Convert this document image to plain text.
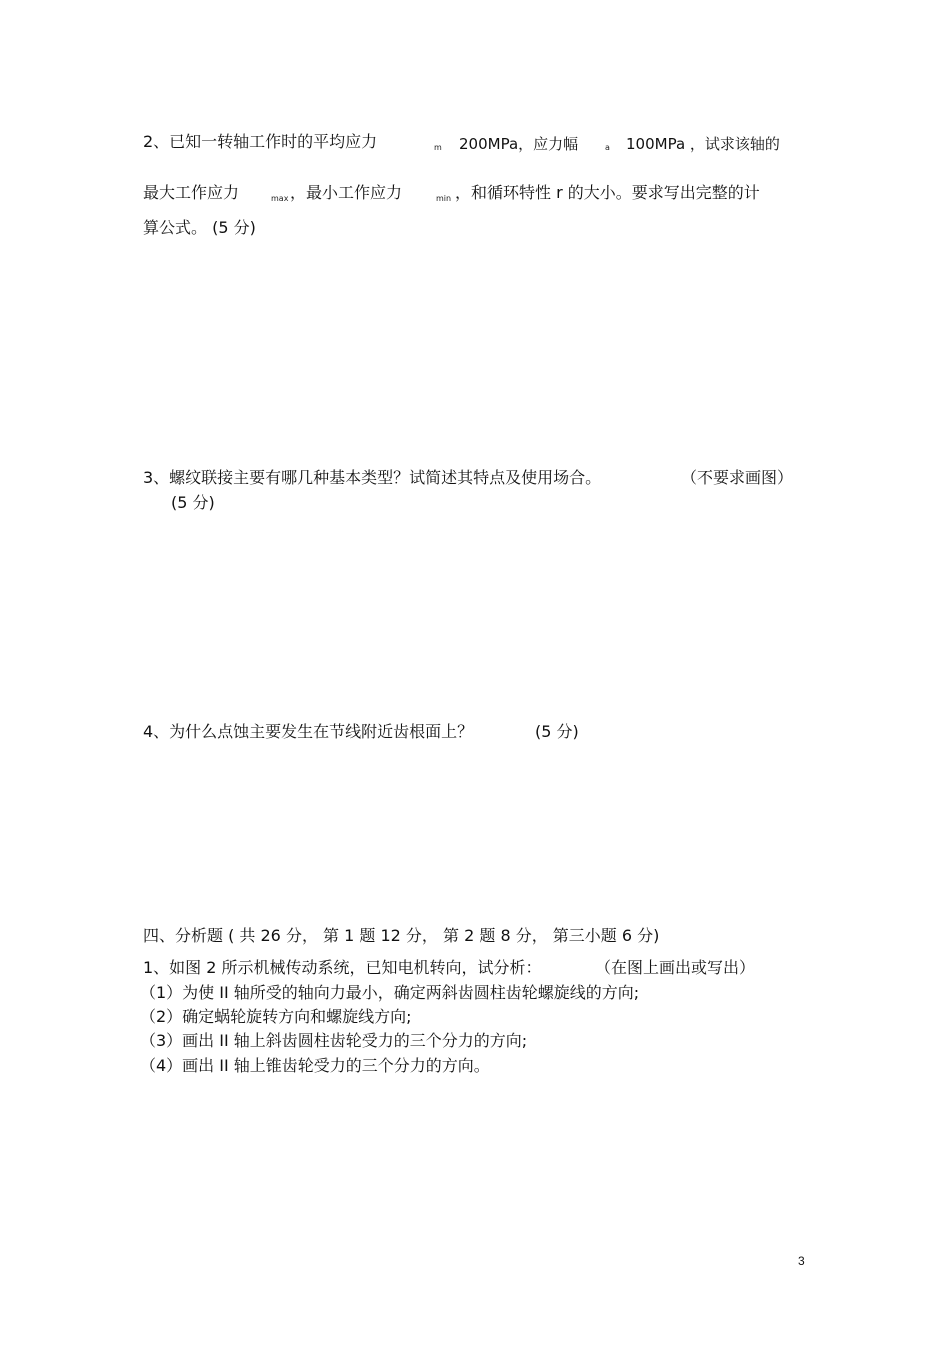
2、已知一转轴工作时的平均应力	m 200MPa，应力幅	a 100MPa ，试求该轴的
最大工作应力	max ，最小工作应力	min ，和循环特性 r 的大小。要求写出完整的计
算公式。 (5 分)
3、螺纹联接主要有哪几种基本类型？试简述其特点及使用场合。	（不要求画图）
(5 分)
4、为什么点蚀主要发生在节线附近齿根面上？	(5 分)
四、分析题 ( 共 26 分， 第 1 题 12 分， 第 2 题 8 分， 第三小题 6 分)
1、如图 2 所示机械传动系统，已知电机转向，试分析：	（在图上画出或写出）
（1）为使 II 轴所受的轴向力最小，确定两斜齿圆柱齿轮螺旋线的方向;
（2）确定蜗轮旋转方向和螺旋线方向;
（3）画出 II 轴上斜齿圆柱齿轮受力的三个分力的方向;
（4）画出 II 轴上锥齿轮受力的三个分力的方向。
3
